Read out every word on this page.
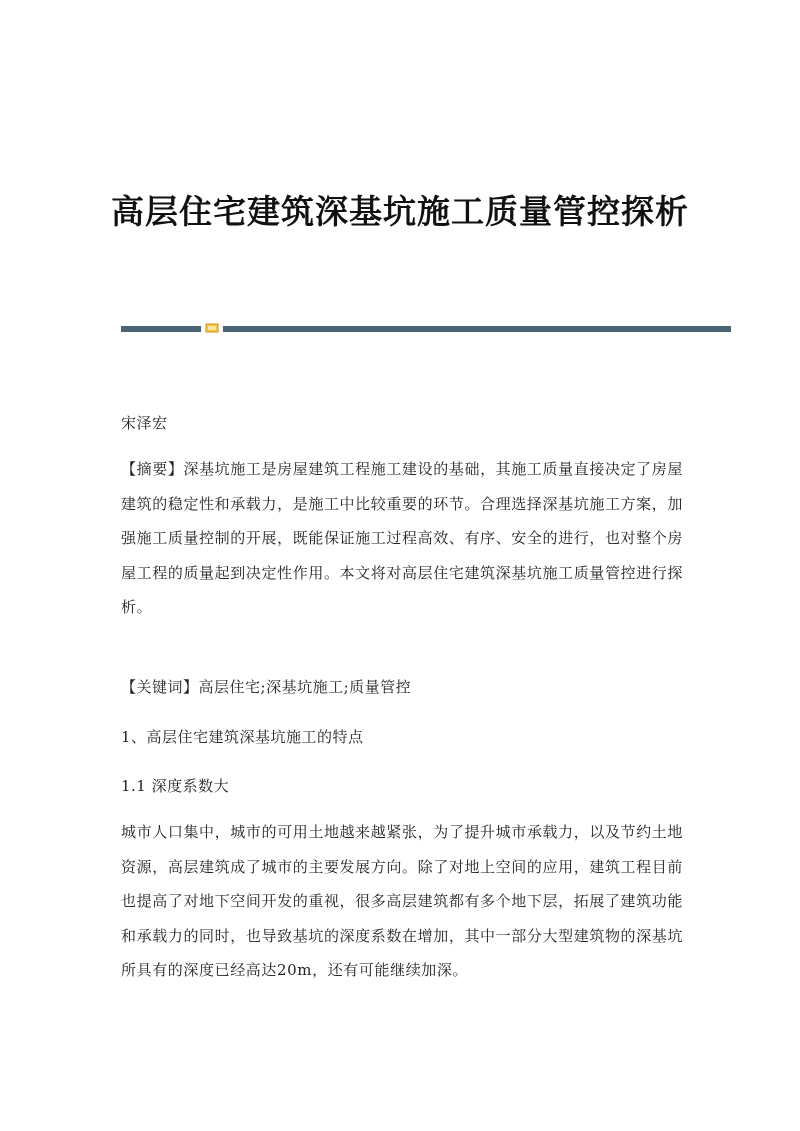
高层住宅建筑深基坑施工质量管控探析
宋泽宏
【摘要】深基坑施工是房屋建筑工程施工建设的基础，其施工质量直接决定了房屋建筑的稳定性和承载力，是施工中比较重要的环节。合理选择深基坑施工方案，加强施工质量控制的开展，既能保证施工过程高效、有序、安全的进行，也对整个房屋工程的质量起到决定性作用。本文将对高层住宅建筑深基坑施工质量管控进行探析。
【关键词】高层住宅;深基坑施工;质量管控
1、高层住宅建筑深基坑施工的特点
1.1 深度系数大
城市人口集中，城市的可用土地越来越紧张，为了提升城市承载力，以及节约土地资源，高层建筑成了城市的主要发展方向。除了对地上空间的应用，建筑工程目前也提高了对地下空间开发的重视，很多高层建筑都有多个地下层，拓展了建筑功能和承载力的同时，也导致基坑的深度系数在增加，其中一部分大型建筑物的深基坑所具有的深度已经高达20m，还有可能继续加深。
